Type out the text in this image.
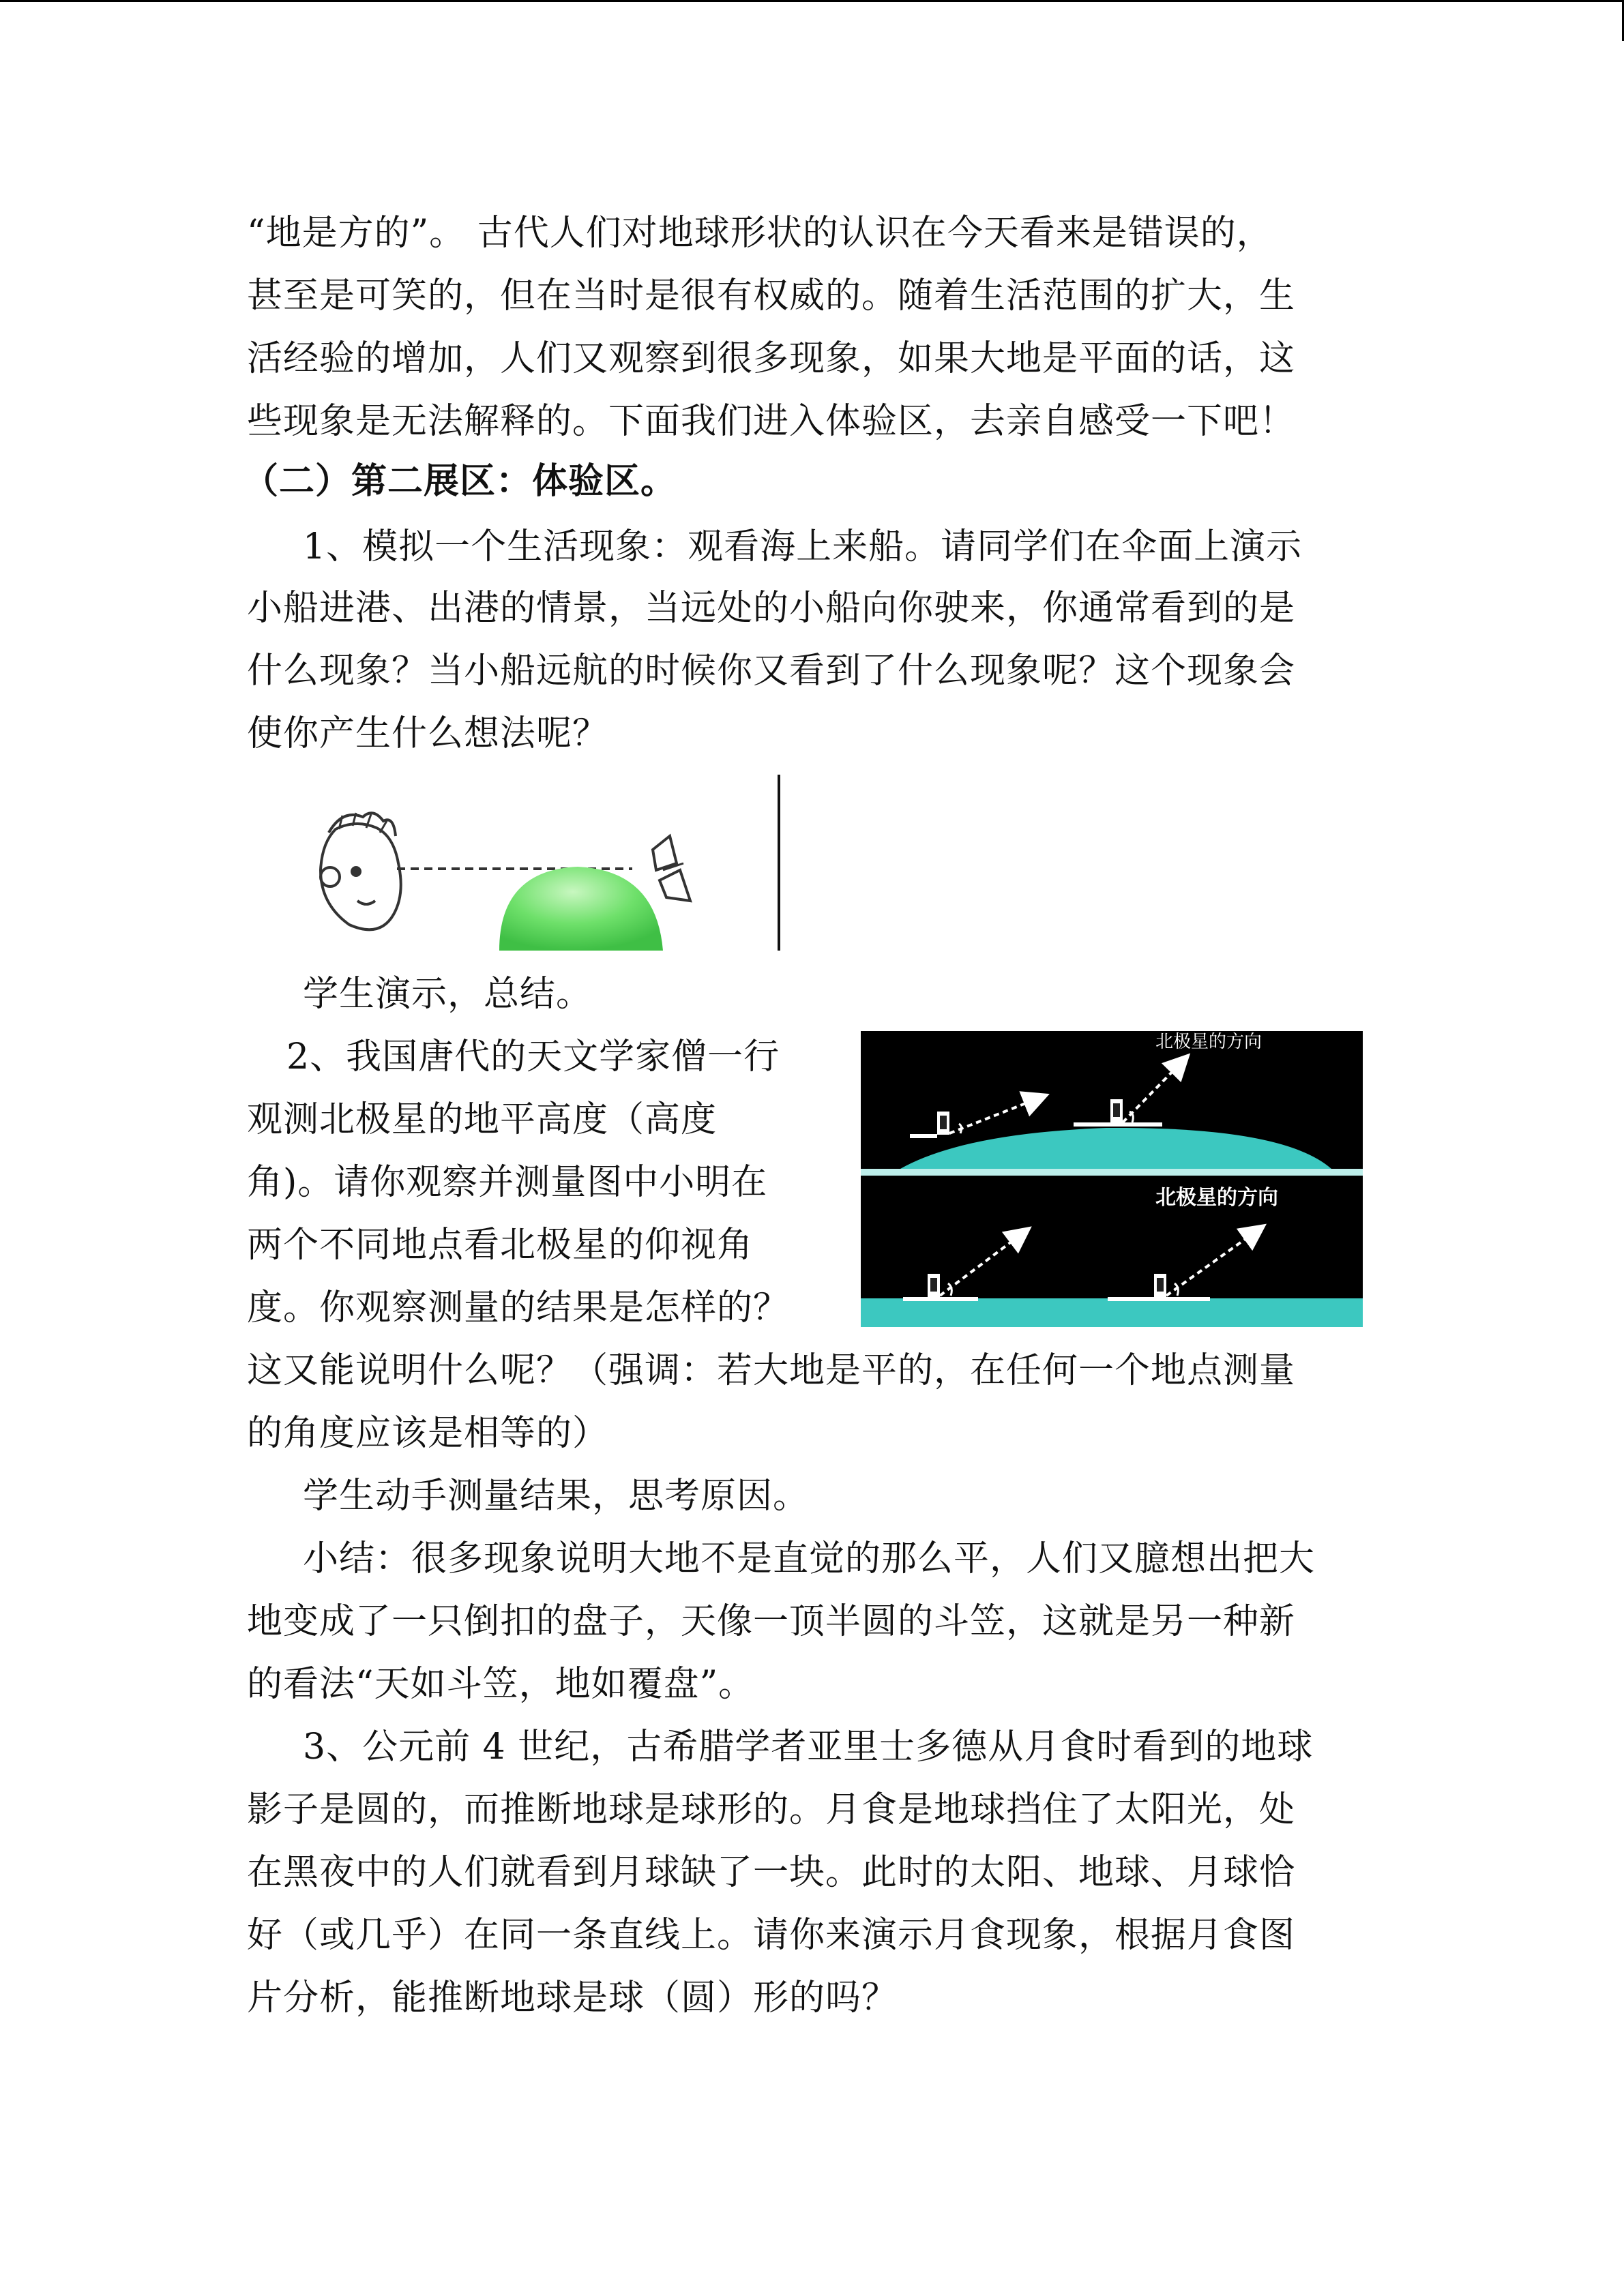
“地是方的”。 古代人们对地球形状的认识在今天看来是错误的，
甚至是可笑的，但在当时是很有权威的。随着生活范围的扩大，生
活经验的增加，人们又观察到很多现象，如果大地是平面的话，这
些现象是无法解释的。下面我们进入体验区，去亲自感受一下吧！
（二）第二展区：体验区。
1、模拟一个生活现象：观看海上来船。请同学们在伞面上演示
小船进港、出港的情景，当远处的小船向你驶来，你通常看到的是
什么现象？当小船远航的时候你又看到了什么现象呢？这个现象会
使你产生什么想法呢？
学生演示，总结。
2、我国唐代的天文学家僧一行
观测北极星的地平高度（高度
角)。请你观察并测量图中小明在
两个不同地点看北极星的仰视角
度。你观察测量的结果是怎样的？
这又能说明什么呢？（强调：若大地是平的，在任何一个地点测量
的角度应该是相等的）
北极星的方向
北极星的方向
学生动手测量结果，思考原因。
小结：很多现象说明大地不是直觉的那么平，人们又臆想出把大
地变成了一只倒扣的盘子，天像一顶半圆的斗笠，这就是另一种新
的看法“天如斗笠，地如覆盘”。
3、公元前 4 世纪，古希腊学者亚里士多德从月食时看到的地球
影子是圆的，而推断地球是球形的。月食是地球挡住了太阳光，处
在黑夜中的人们就看到月球缺了一块。此时的太阳、地球、月球恰
好（或几乎）在同一条直线上。请你来演示月食现象，根据月食图
片分析，能推断地球是球（圆）形的吗？
